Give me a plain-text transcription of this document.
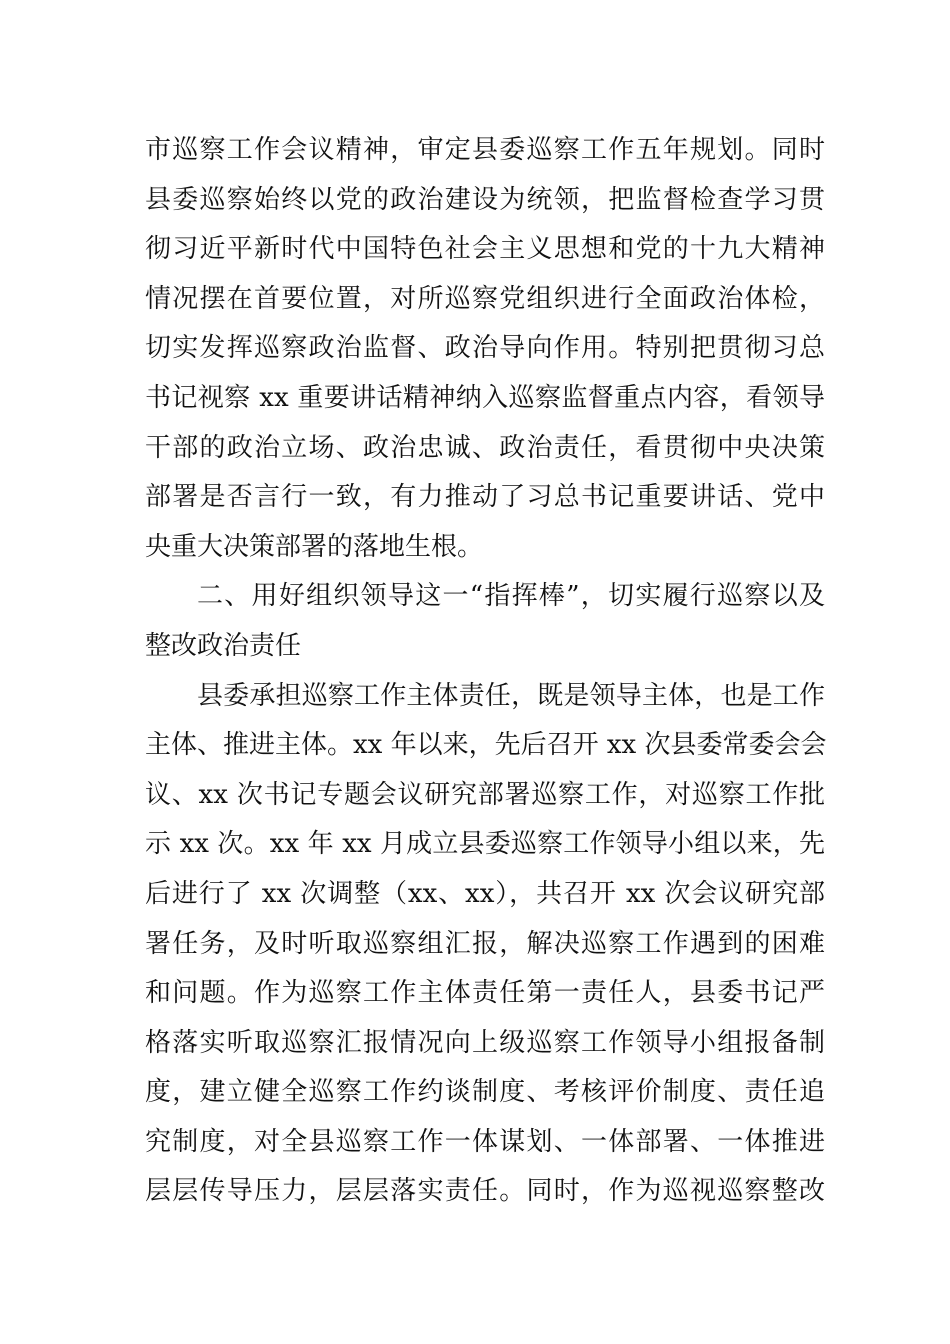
市巡察工作会议精神，审定县委巡察工作五年规划。同时
县委巡察始终以党的政治建设为统领，把监督检查学习贯
彻习近平新时代中国特色社会主义思想和党的十九大精神
情况摆在首要位置，对所巡察党组织进行全面政治体检，
切实发挥巡察政治监督、政治导向作用。特别把贯彻习总
书记视察 xx 重要讲话精神纳入巡察监督重点内容，看领导
干部的政治立场、政治忠诚、政治责任，看贯彻中央决策
部署是否言行一致，有力推动了习总书记重要讲话、党中
央重大决策部署的落地生根。
二、用好组织领导这一“指挥棒”，切实履行巡察以及
整改政治责任
县委承担巡察工作主体责任，既是领导主体，也是工作
主体、推进主体。xx 年以来，先后召开 xx 次县委常委会会
议、xx 次书记专题会议研究部署巡察工作，对巡察工作批
示 xx 次。xx 年 xx 月成立县委巡察工作领导小组以来，先
后进行了 xx 次调整（xx、xx），共召开 xx 次会议研究部
署任务，及时听取巡察组汇报，解决巡察工作遇到的困难
和问题。作为巡察工作主体责任第一责任人，县委书记严
格落实听取巡察汇报情况向上级巡察工作领导小组报备制
度，建立健全巡察工作约谈制度、考核评价制度、责任追
究制度，对全县巡察工作一体谋划、一体部署、一体推进
层层传导压力，层层落实责任。同时，作为巡视巡察整改
